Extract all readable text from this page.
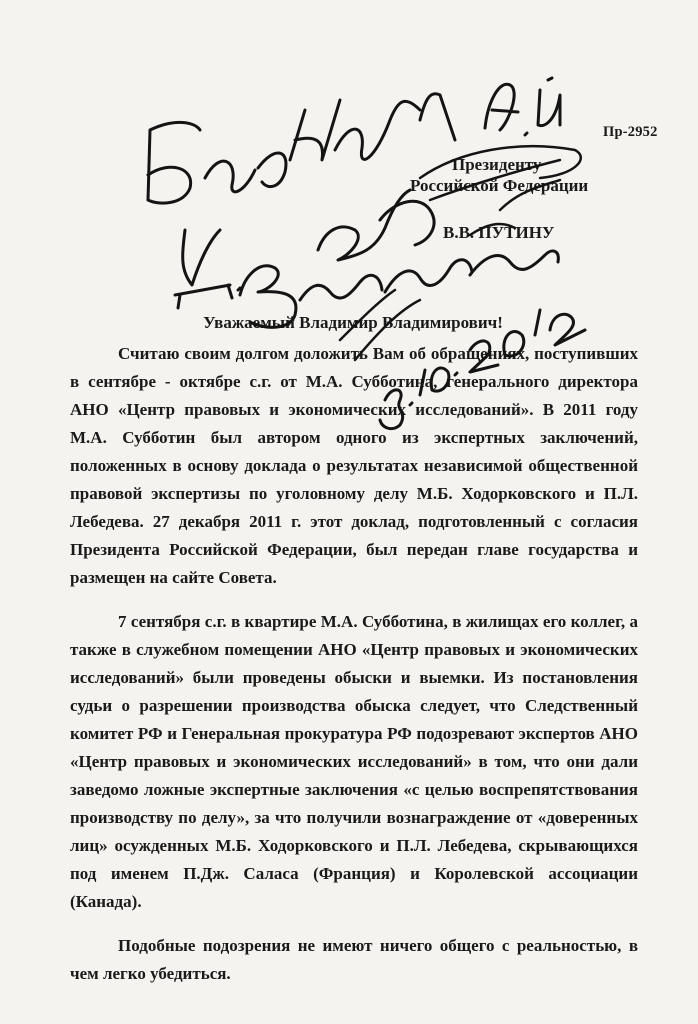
Пр-2952
Президенту
Российской Федерации
В.В. ПУТИНУ
Уважаемый Владимир Владимирович!

Считаю своим долгом доложить Вам об обращениях, поступивших в сентябре - октябре с.г. от М.А. Субботина, генерального директора АНО «Центр правовых и экономических исследований». В 2011 году М.А. Субботин был автором одного из экспертных заключений, положенных в основу доклада о результатах независимой общественной правовой экспертизы по уголовному делу М.Б. Ходорковского и П.Л. Лебедева. 27 декабря 2011 г. этот доклад, подготовленный с согласия Президента Российской Федерации, был передан главе государства и размещен на сайте Совета.

7 сентября с.г. в квартире М.А. Субботина, в жилищах его коллег, а также в служебном помещении АНО «Центр правовых и экономических исследований» были проведены обыски и выемки. Из постановления судьи о разрешении производства обыска следует, что Следственный комитет РФ и Генеральная прокуратура РФ подозревают экспертов АНО «Центр правовых и экономических исследований» в том, что они дали заведомо ложные экспертные заключения «с целью воспрепятствования производству по делу», за что получили вознаграждение от «доверенных лиц» осужденных М.Б. Ходорковского и П.Л. Лебедева, скрывающихся под именем П.Дж. Саласа (Франция) и Королевской ассоциации (Канада).

Подобные подозрения не имеют ничего общего с реальностью, в чем легко убедиться.
